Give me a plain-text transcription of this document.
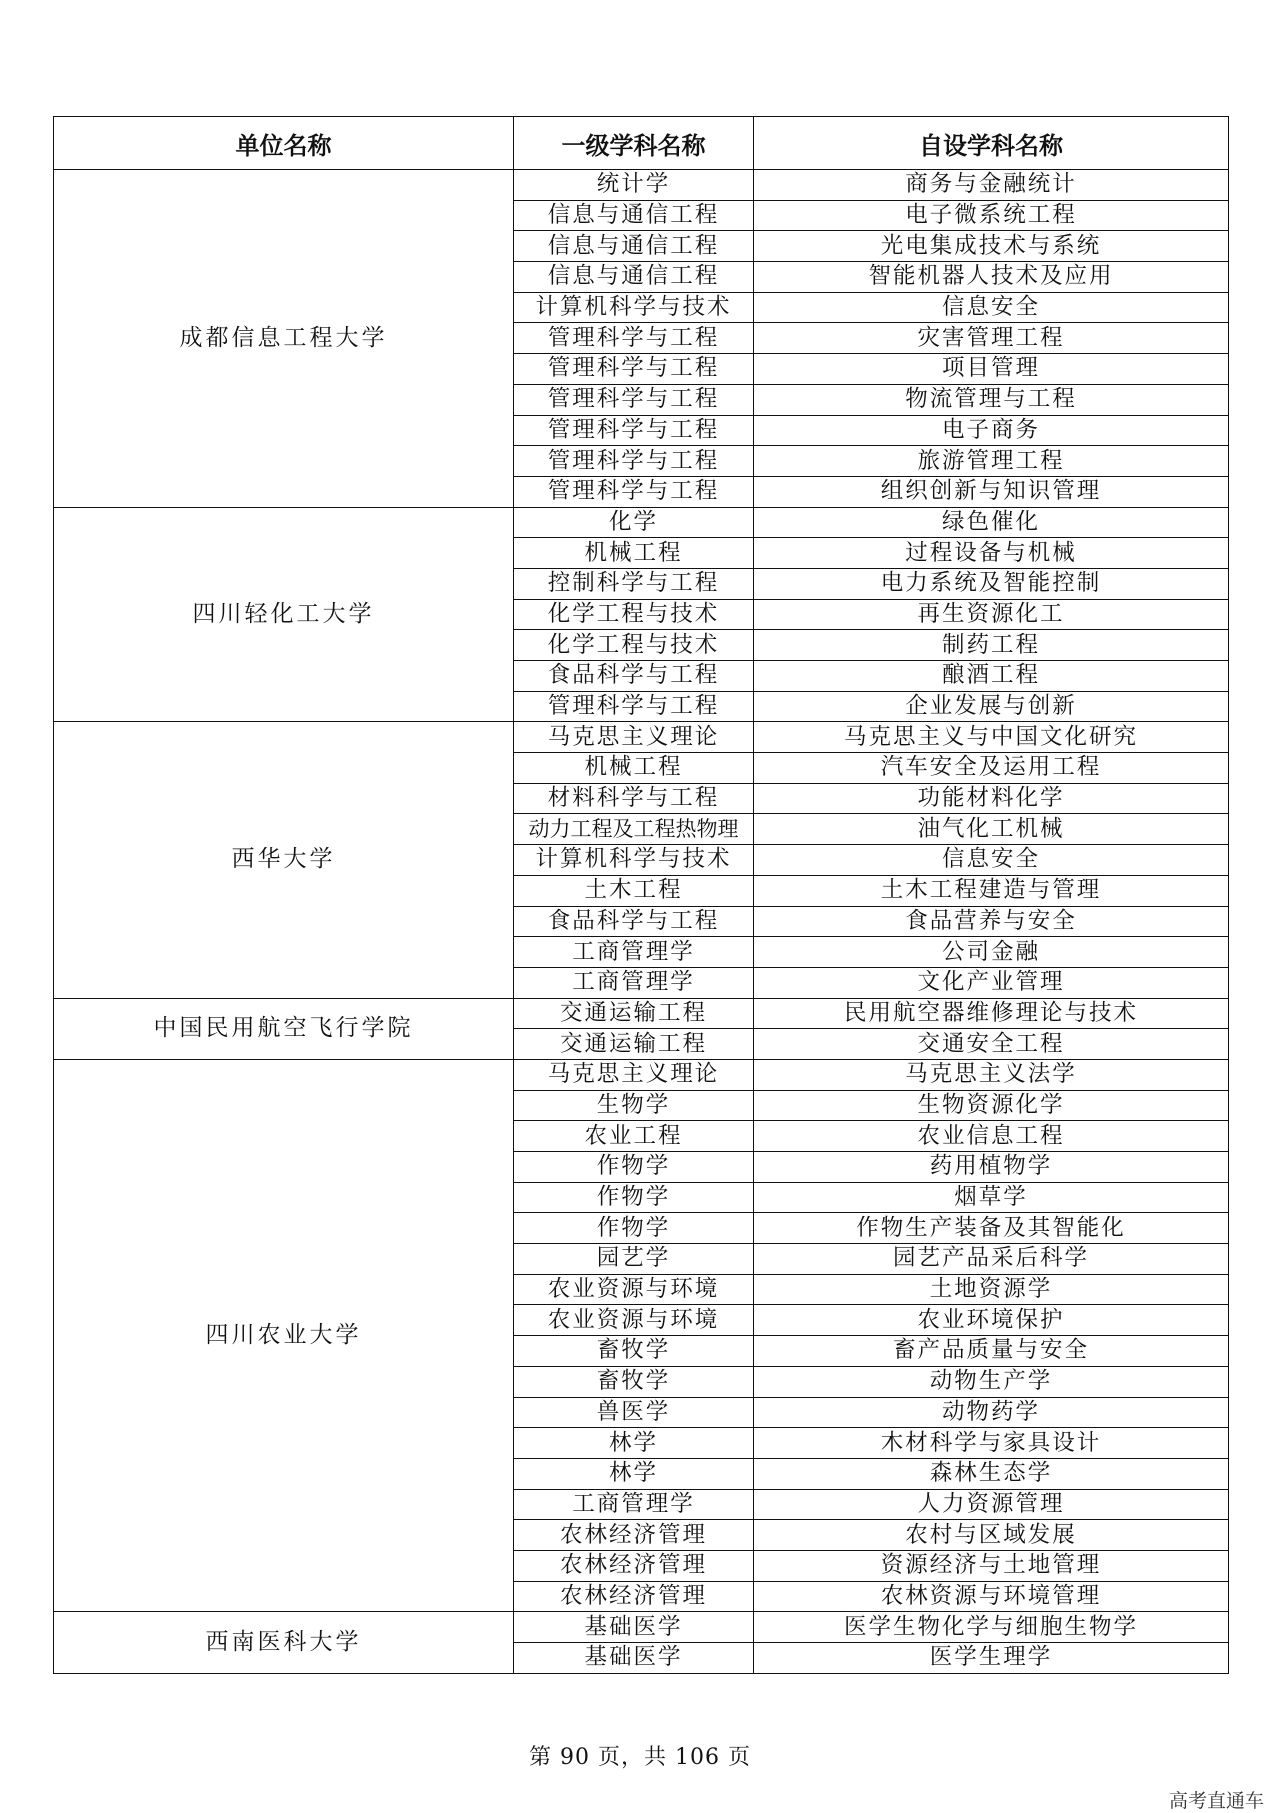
单位名称	一级学科名称	自设学科名称
成都信息工程大学	统计学	商务与金融统计
	信息与通信工程	电子微系统工程
	信息与通信工程	光电集成技术与系统
	信息与通信工程	智能机器人技术及应用
	计算机科学与技术	信息安全
	管理科学与工程	灾害管理工程
	管理科学与工程	项目管理
	管理科学与工程	物流管理与工程
	管理科学与工程	电子商务
	管理科学与工程	旅游管理工程
	管理科学与工程	组织创新与知识管理
四川轻化工大学	化学	绿色催化
	机械工程	过程设备与机械
	控制科学与工程	电力系统及智能控制
	化学工程与技术	再生资源化工
	化学工程与技术	制药工程
	食品科学与工程	酿酒工程
	管理科学与工程	企业发展与创新
西华大学	马克思主义理论	马克思主义与中国文化研究
	机械工程	汽车安全及运用工程
	材料科学与工程	功能材料化学
	动力工程及工程热物理	油气化工机械
	计算机科学与技术	信息安全
	土木工程	土木工程建造与管理
	食品科学与工程	食品营养与安全
	工商管理学	公司金融
	工商管理学	文化产业管理
中国民用航空飞行学院	交通运输工程	民用航空器维修理论与技术
	交通运输工程	交通安全工程
四川农业大学	马克思主义理论	马克思主义法学
	生物学	生物资源化学
	农业工程	农业信息工程
	作物学	药用植物学
	作物学	烟草学
	作物学	作物生产装备及其智能化
	园艺学	园艺产品采后科学
	农业资源与环境	土地资源学
	农业资源与环境	农业环境保护
	畜牧学	畜产品质量与安全
	畜牧学	动物生产学
	兽医学	动物药学
	林学	木材科学与家具设计
	林学	森林生态学
	工商管理学	人力资源管理
	农林经济管理	农村与区域发展
	农林经济管理	资源经济与土地管理
	农林经济管理	农林资源与环境管理
西南医科大学	基础医学	医学生物化学与细胞生物学
	基础医学	医学生理学
第 90 页，共 106 页
高考直通车
